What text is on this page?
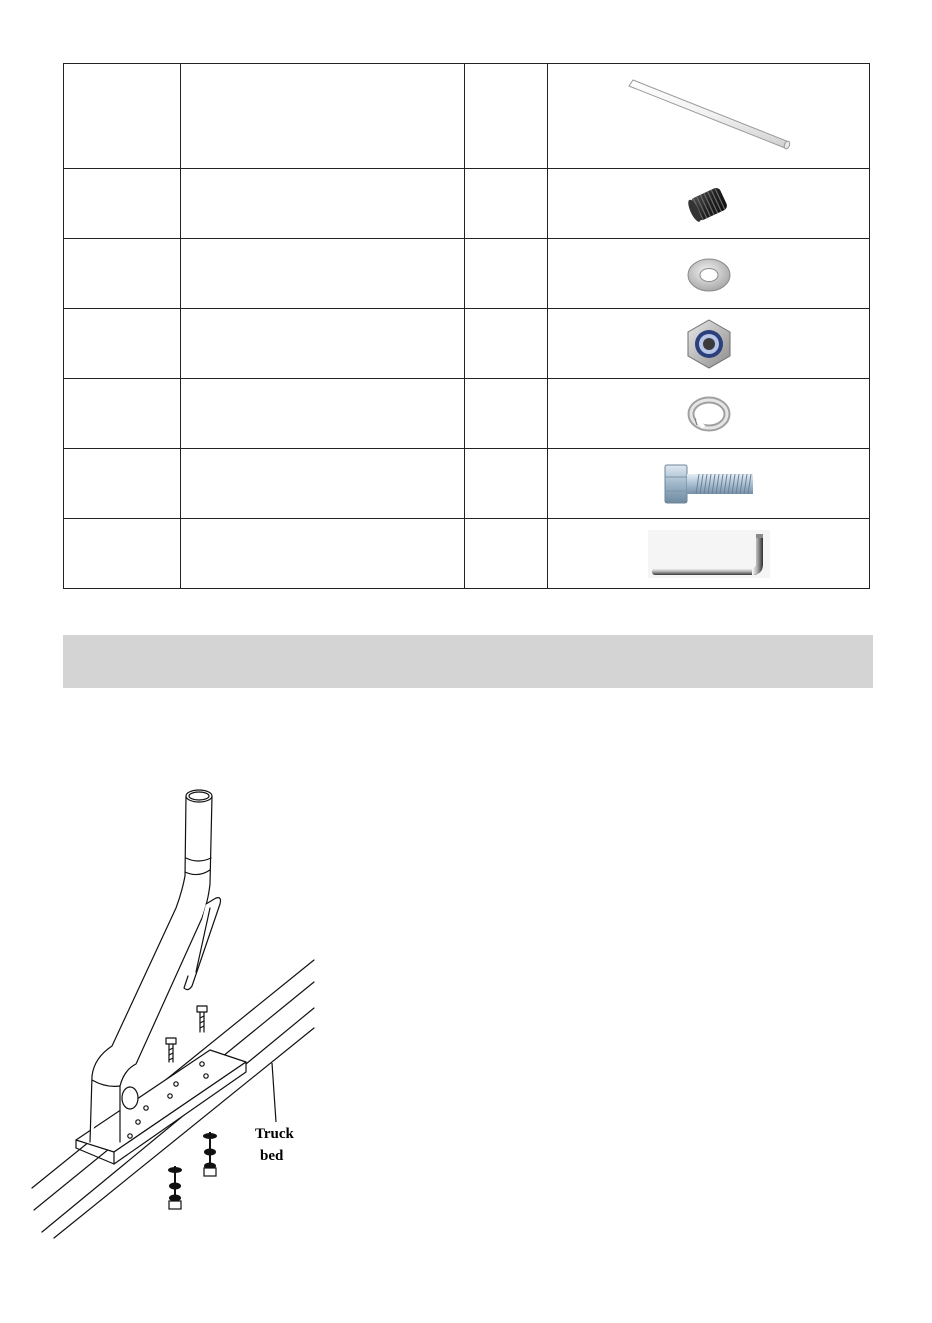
Truck
bed
